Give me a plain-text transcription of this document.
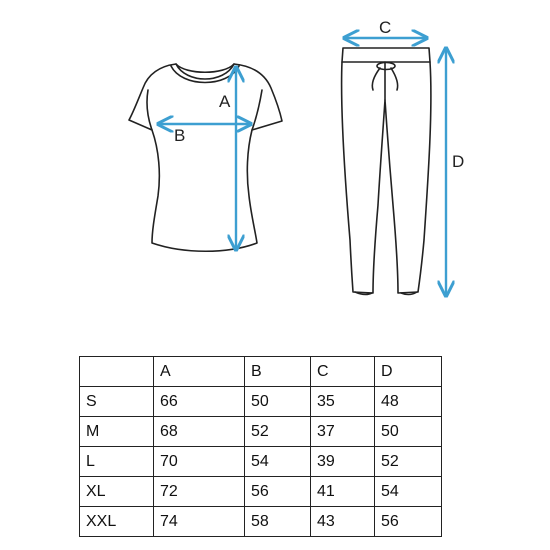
A
B
C
D
	A	B	C	D
S	66	50	35	48
M	68	52	37	50
L	70	54	39	52
XL	72	56	41	54
XXL	74	58	43	56
